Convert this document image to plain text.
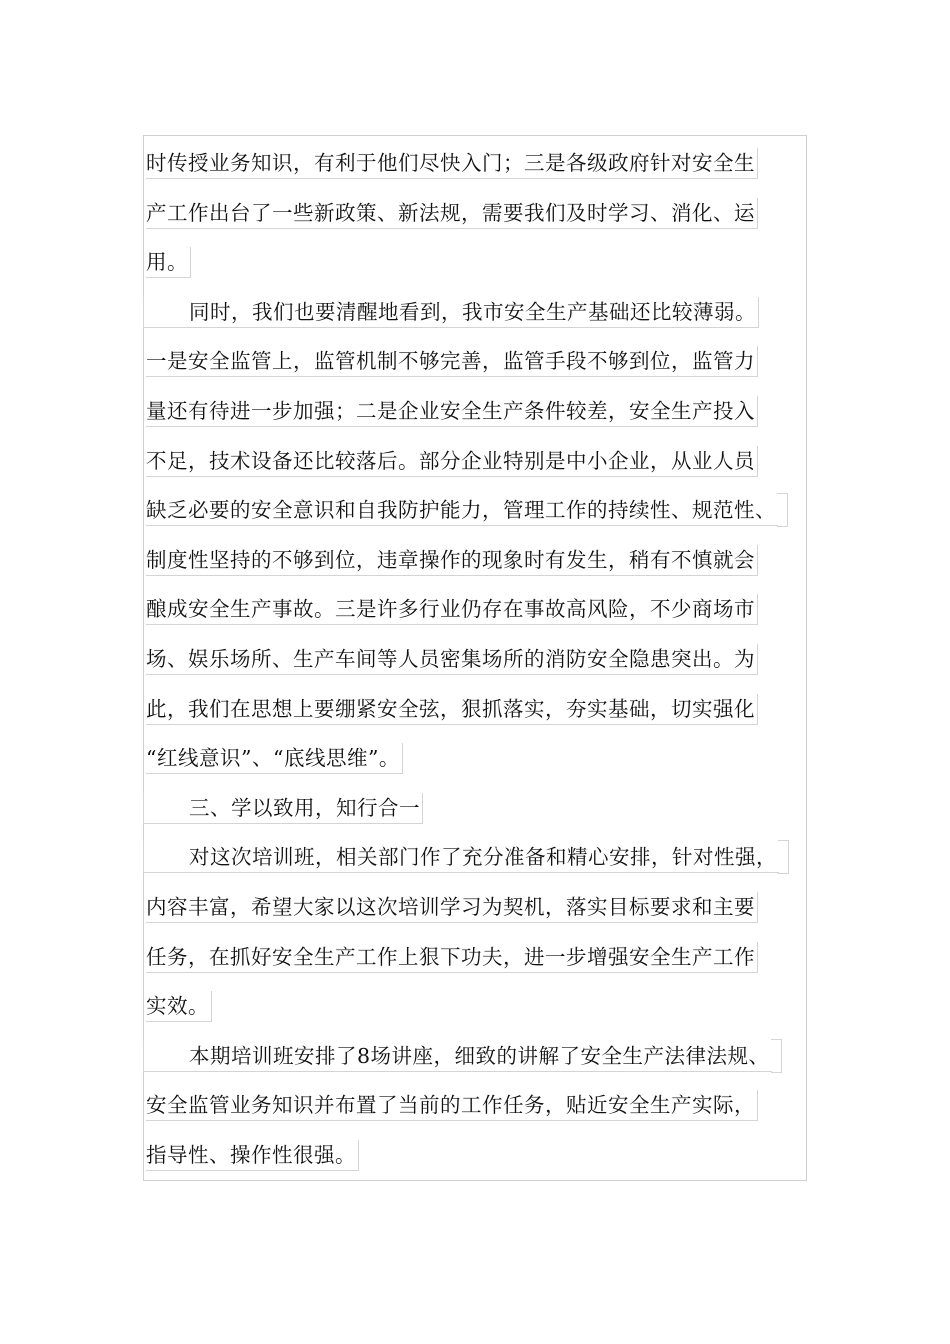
时传授业务知识，有利于他们尽快入门；三是各级政府针对安全生
产工作出台了一些新政策、新法规，需要我们及时学习、消化、运
用。
同时，我们也要清醒地看到，我市安全生产基础还比较薄弱。
一是安全监管上，监管机制不够完善，监管手段不够到位，监管力
量还有待进一步加强；二是企业安全生产条件较差，安全生产投入
不足，技术设备还比较落后。部分企业特别是中小企业，从业人员
缺乏必要的安全意识和自我防护能力，管理工作的持续性、规范性、
制度性坚持的不够到位，违章操作的现象时有发生，稍有不慎就会
酿成安全生产事故。三是许多行业仍存在事故高风险，不少商场市
场、娱乐场所、生产车间等人员密集场所的消防安全隐患突出。为
此，我们在思想上要绷紧安全弦，狠抓落实，夯实基础，切实强化
“红线意识”、“底线思维”。
三、学以致用，知行合一
对这次培训班，相关部门作了充分准备和精心安排，针对性强，
内容丰富，希望大家以这次培训学习为契机，落实目标要求和主要
任务，在抓好安全生产工作上狠下功夫，进一步增强安全生产工作
实效。
本期培训班安排了8场讲座，细致的讲解了安全生产法律法规、
安全监管业务知识并布置了当前的工作任务，贴近安全生产实际，
指导性、操作性很强。
